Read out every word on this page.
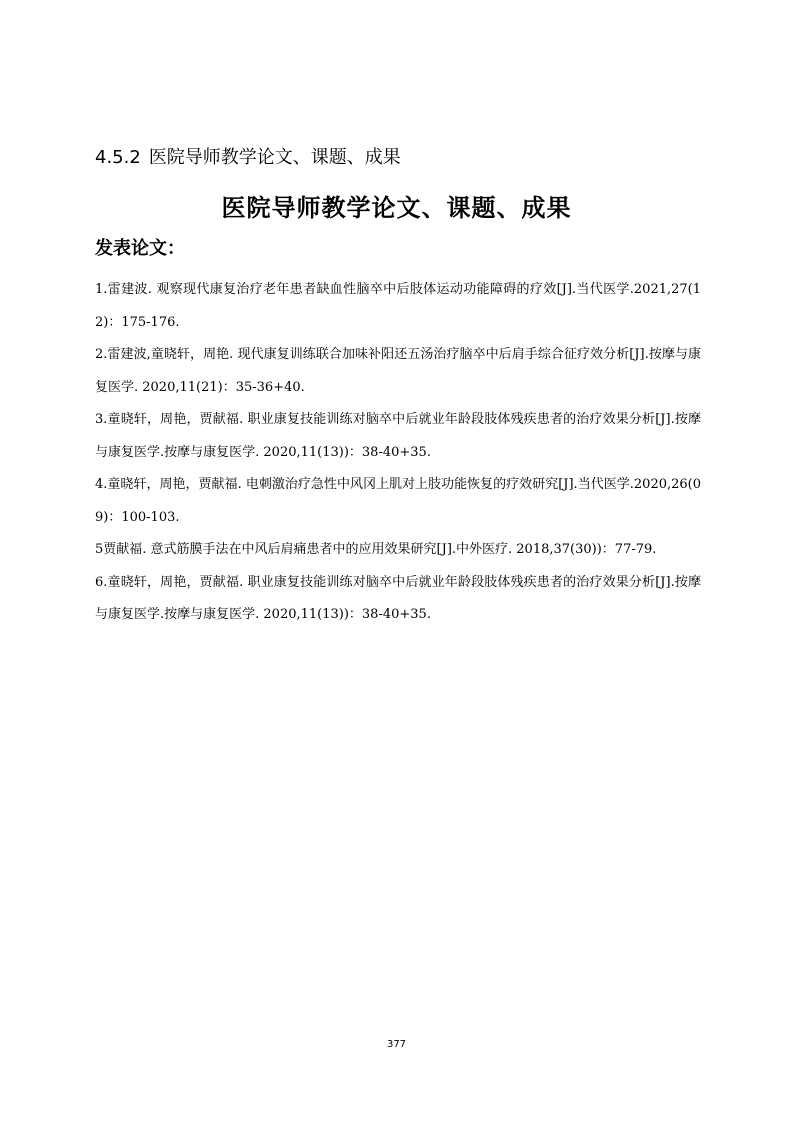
4.5.2 医院导师教学论文、课题、成果
医院导师教学论文、课题、成果
发表论文：
1.雷建波. 观察现代康复治疗老年患者缺血性脑卒中后肢体运动功能障碍的疗效[J].当代医学.2021,27(12)：175-176.
2.雷建波,童晓轩，周艳. 现代康复训练联合加味补阳还五汤治疗脑卒中后肩手综合征疗效分析[J].按摩与康复医学. 2020,11(21)：35-36+40.
3.童晓轩，周艳，贾献福. 职业康复技能训练对脑卒中后就业年龄段肢体残疾患者的治疗效果分析[J].按摩与康复医学.按摩与康复医学. 2020,11(13))：38-40+35.
4.童晓轩，周艳，贾献福. 电刺激治疗急性中风冈上肌对上肢功能恢复的疗效研究[J].当代医学.2020,26(09)：100-103.
5贾献福. 意式筋膜手法在中风后肩痛患者中的应用效果研究[J].中外医疗. 2018,37(30))：77-79.
6.童晓轩，周艳，贾献福. 职业康复技能训练对脑卒中后就业年龄段肢体残疾患者的治疗效果分析[J].按摩与康复医学.按摩与康复医学. 2020,11(13))：38-40+35.
377
